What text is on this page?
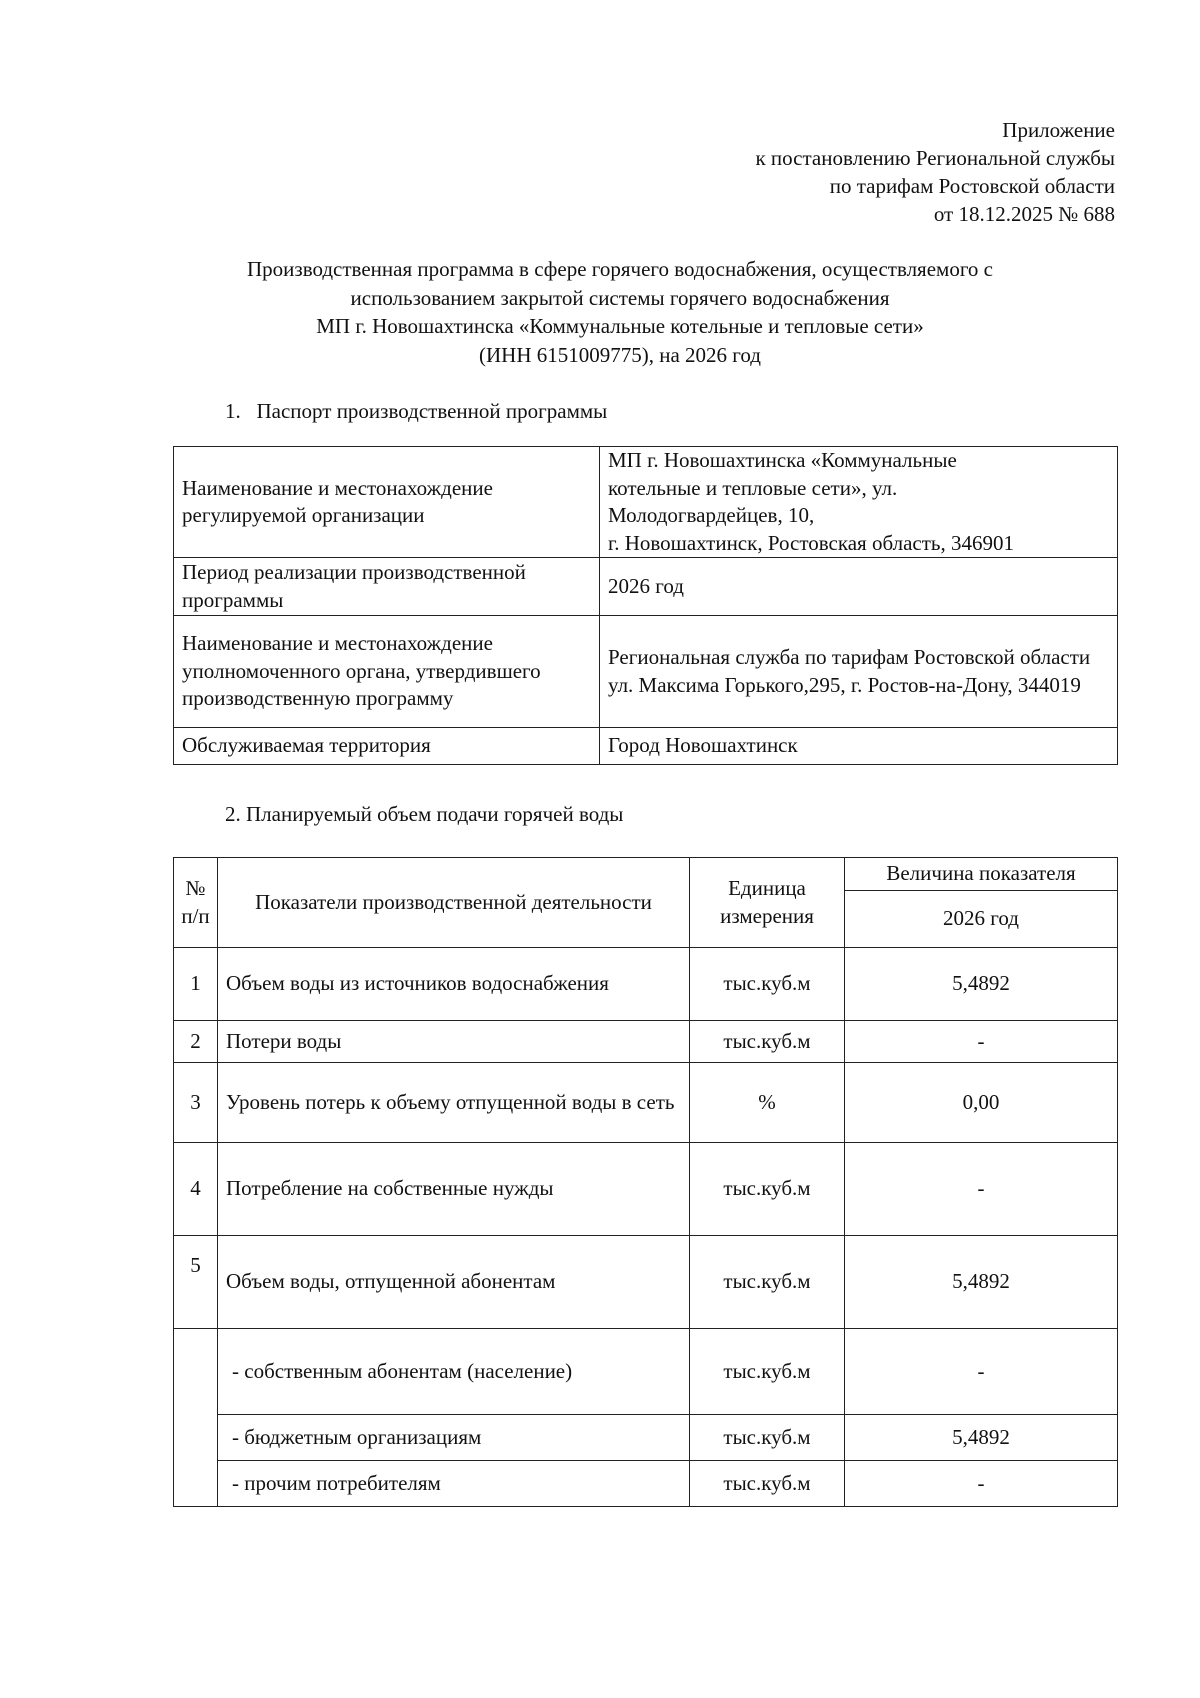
Приложение
к постановлению Региональной службы
по тарифам Ростовской области
от 18.12.2025 № 688
Производственная программа в сфере горячего водоснабжения, осуществляемого с
использованием закрытой системы горячего водоснабжения
МП г. Новошахтинска «Коммунальные котельные и тепловые сети»
(ИНН 6151009775), на 2026 год
1.   Паспорт производственной программы
Наименование и местонахождение регулируемой организации	МП г. Новошахтинска «Коммунальные
котельные и тепловые сети», ул.
Молодогвардейцев, 10,
г. Новошахтинск, Ростовская область, 346901

Период реализации производственной программы	2026 год
Наименование и местонахождение уполномоченного органа, утвердившего производственную программу	Региональная служба по тарифам Ростовской области
ул. Максима Горького,295, г. Ростов-на-Дону, 344019

Обслуживаемая территория	Город Новошахтинск
2. Планируемый объем подачи горячей воды
№ п/п	Показатели производственной деятельности	Единица измерения	Величина показателя
			2026 год
1	Объем воды из источников водоснабжения	тыс.куб.м	5,4892
2	Потери воды	тыс.куб.м	-
3	Уровень потерь к объему отпущенной воды в сеть	%	0,00
4	Потребление на собственные нужды	тыс.куб.м	-
5	Объем воды, отпущенной абонентам	тыс.куб.м	5,4892
	- собственным абонентам (население)	тыс.куб.м	-
	- бюджетным организациям	тыс.куб.м	5,4892
	- прочим потребителям	тыс.куб.м	-
